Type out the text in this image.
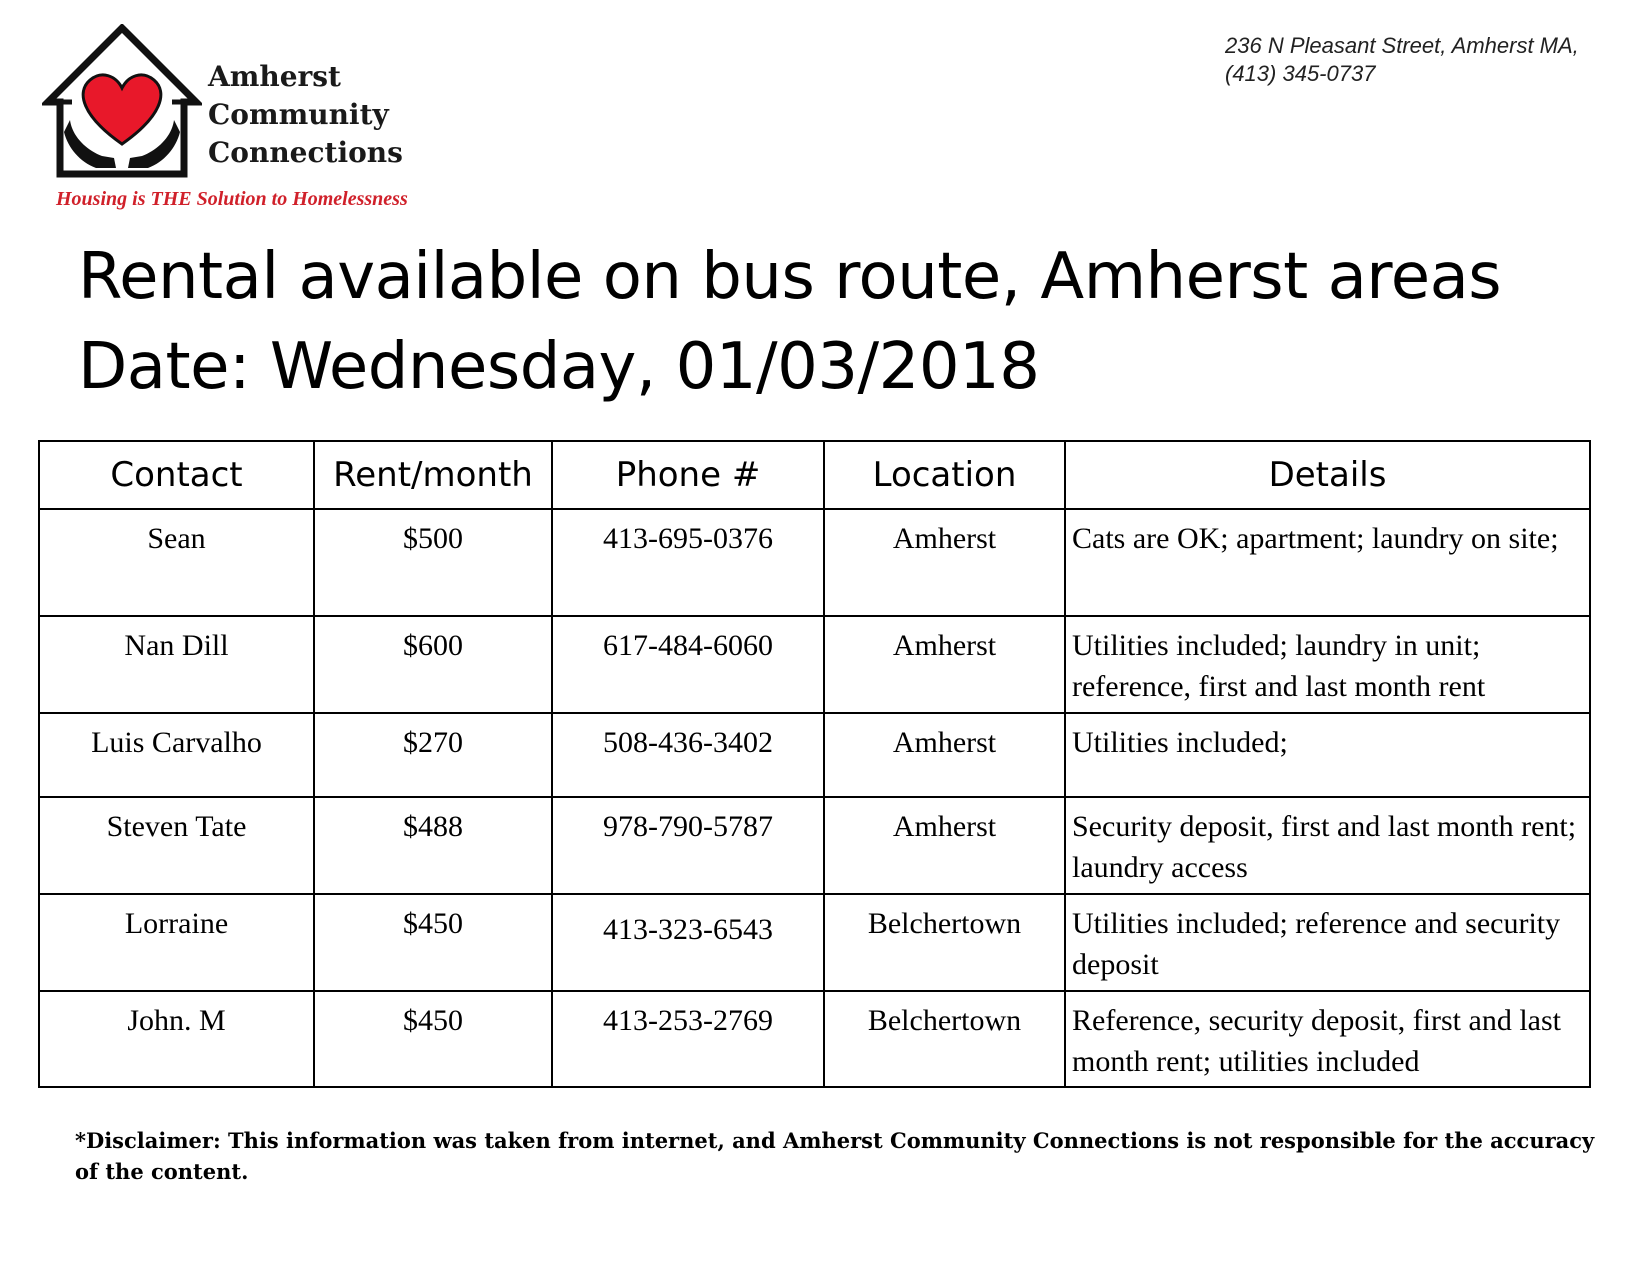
Amherst
Community
Connections
Housing is THE Solution to Homelessness
236 N Pleasant Street, Amherst MA,
(413) 345-0737
Rental available on bus route, Amherst areas
Date: Wednesday, 01/03/2018
Contact	Rent/month	Phone #	Location	Details
Sean	$500	413-695-0376	Amherst	Cats are OK; apartment; laundry on site;
Nan Dill	$600	617-484-6060	Amherst	Utilities included; laundry in unit; reference, first and last month rent
Luis Carvalho	$270	508-436-3402	Amherst	Utilities included;
Steven Tate	$488	978-790-5787	Amherst	Security deposit, first and last month rent; laundry access
Lorraine	$450	413-323-6543	Belchertown	Utilities included; reference and security deposit
John. M	$450	413-253-2769	Belchertown	Reference, security deposit, first and last month rent; utilities included
*Disclaimer: This information was taken from internet, and Amherst Community Connections is not responsible for the accuracy of the content.
